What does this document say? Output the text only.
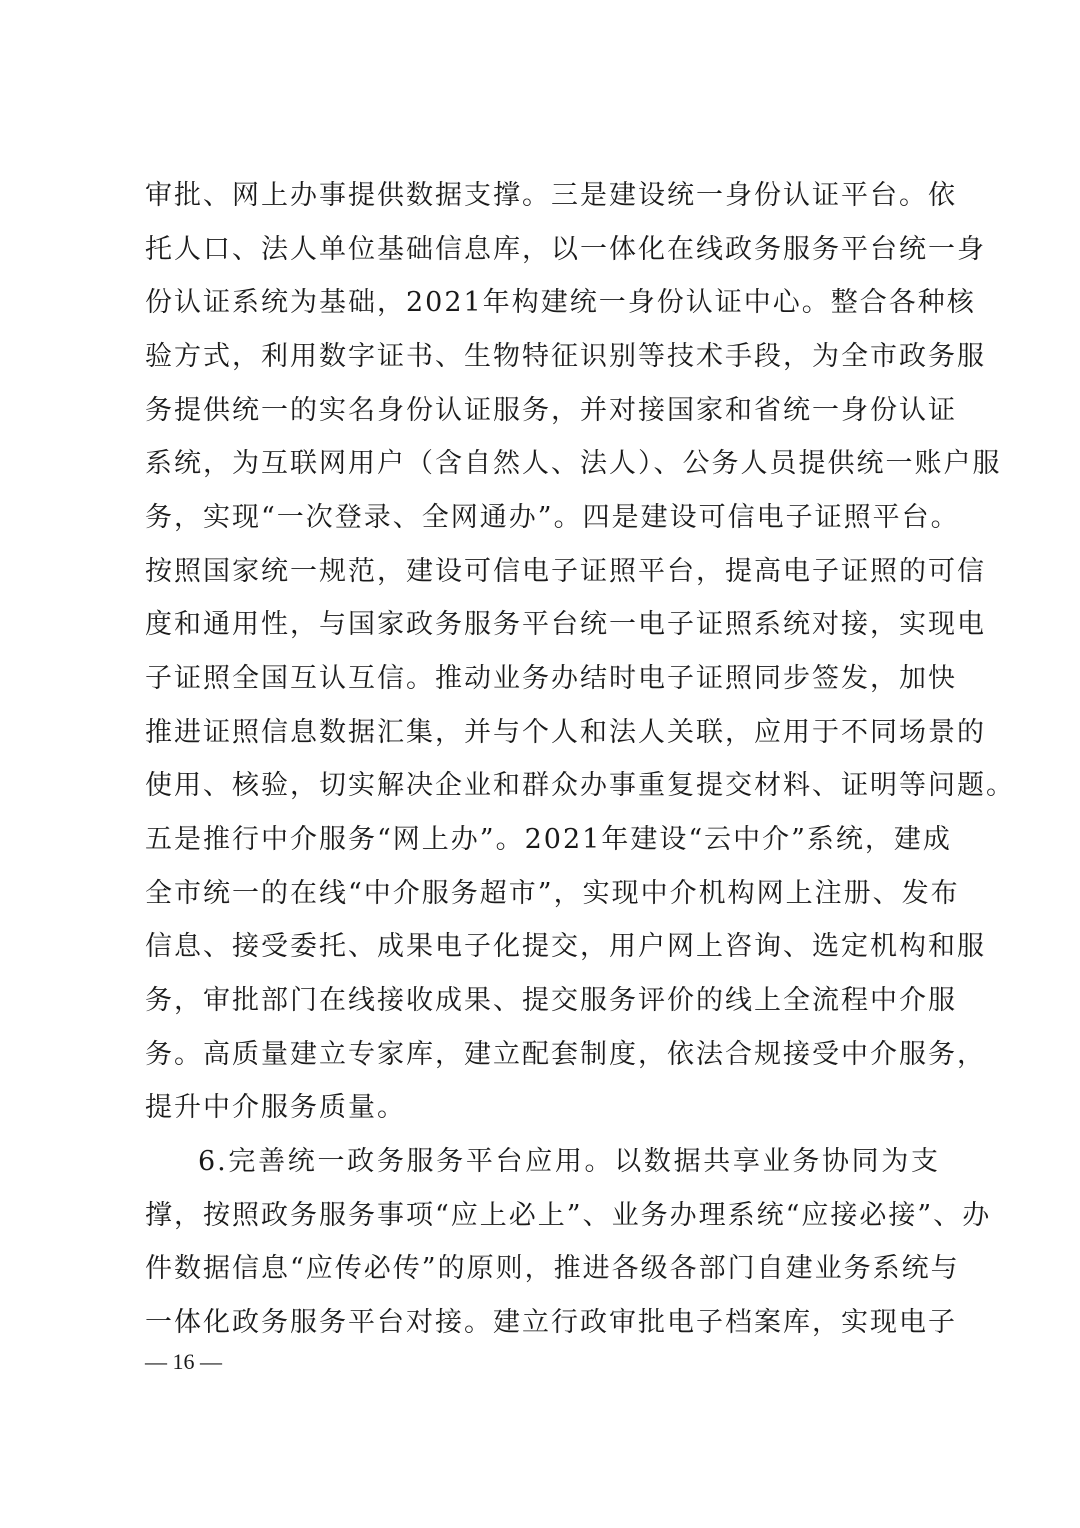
审批、网上办事提供数据支撑。三是建设统一身份认证平台。依
托人口、法人单位基础信息库，以一体化在线政务服务平台统一身
份认证系统为基础，2021年构建统一身份认证中心。整合各种核
验方式，利用数字证书、生物特征识别等技术手段，为全市政务服
务提供统一的实名身份认证服务，并对接国家和省统一身份认证
系统，为互联网用户（含自然人、法人）、公务人员提供统一账户服
务，实现“一次登录、全网通办”。四是建设可信电子证照平台。
按照国家统一规范，建设可信电子证照平台，提高电子证照的可信
度和通用性，与国家政务服务平台统一电子证照系统对接，实现电
子证照全国互认互信。推动业务办结时电子证照同步签发，加快
推进证照信息数据汇集，并与个人和法人关联，应用于不同场景的
使用、核验，切实解决企业和群众办事重复提交材料、证明等问题。
五是推行中介服务“网上办”。2021年建设“云中介”系统，建成
全市统一的在线“中介服务超市”，实现中介机构网上注册、发布
信息、接受委托、成果电子化提交，用户网上咨询、选定机构和服
务，审批部门在线接收成果、提交服务评价的线上全流程中介服
务。高质量建立专家库，建立配套制度，依法合规接受中介服务，
提升中介服务质量。
6.完善统一政务服务平台应用。以数据共享业务协同为支
撑，按照政务服务事项“应上必上”、业务办理系统“应接必接”、办
件数据信息“应传必传”的原则，推进各级各部门自建业务系统与
一体化政务服务平台对接。建立行政审批电子档案库，实现电子
— 16 —
